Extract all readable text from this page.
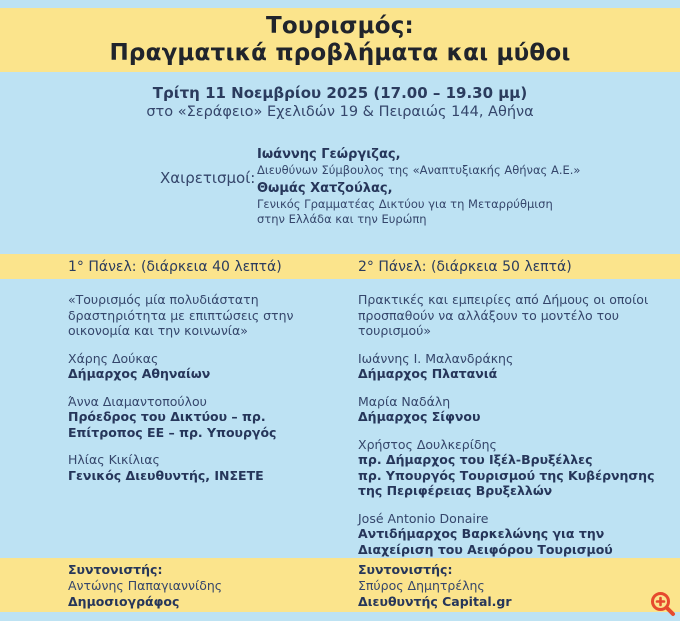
Τουρισμός:
Πραγματικά προβλήματα και μύθοι
Τρίτη 11 Νοεμβρίου 2025 (17.00 – 19.30 μμ)
στο «Σεράφειο» Εχελιδών 19 & Πειραιώς 144, Αθήνα
Χαιρετισμοί:
Ιωάννης Γεώργιζας,
Διευθύνων Σύμβουλος της «Αναπτυξιακής Αθήνας Α.Ε.»
Θωμάς Χατζούλας,
Γενικός Γραμματέας Δικτύου για τη Μεταρρύθμιση
στην Ελλάδα και την Ευρώπη
1° Πάνελ: (διάρκεια 40 λεπτά)	2° Πάνελ: (διάρκεια 50 λεπτά)
«Τουρισμός μία πολυδιάστατη
δραστηριότητα με επιπτώσεις στην
οικονομία και την κοινωνία»
Χάρης Δούκας
Δήμαρχος Αθηναίων
Άννα Διαμαντοπούλου
Πρόεδρος του Δικτύου – πρ.
Επίτροπος ΕΕ – πρ. Υπουργός
Ηλίας Κικίλιας
Γενικός Διευθυντής, ΙΝΣΕΤΕ
Πρακτικές και εμπειρίες από Δήμους οι οποίοι
προσπαθούν να αλλάξουν το μοντέλο του
τουρισμού»
Ιωάννης Ι. Μαλανδράκης
Δήμαρχος Πλατανιά
Μαρία Ναδάλη
Δήμαρχος Σίφνου
Χρήστος Δουλκερίδης
πρ. Δήμαρχος του Ιξέλ-Βρυξέλλες
πρ. Υπουργός Τουρισμού της Κυβέρνησης
της Περιφέρειας Βρυξελλών
José Antonio Donaire
Αντιδήμαρχος Βαρκελώνης για την
Διαχείριση του Αειφόρου Τουρισμού
Συντονιστής:
Αντώνης Παπαγιαννίδης
Δημοσιογράφος
Συντονιστής:
Σπύρος Δημητρέλης
Διευθυντής Capital.gr
